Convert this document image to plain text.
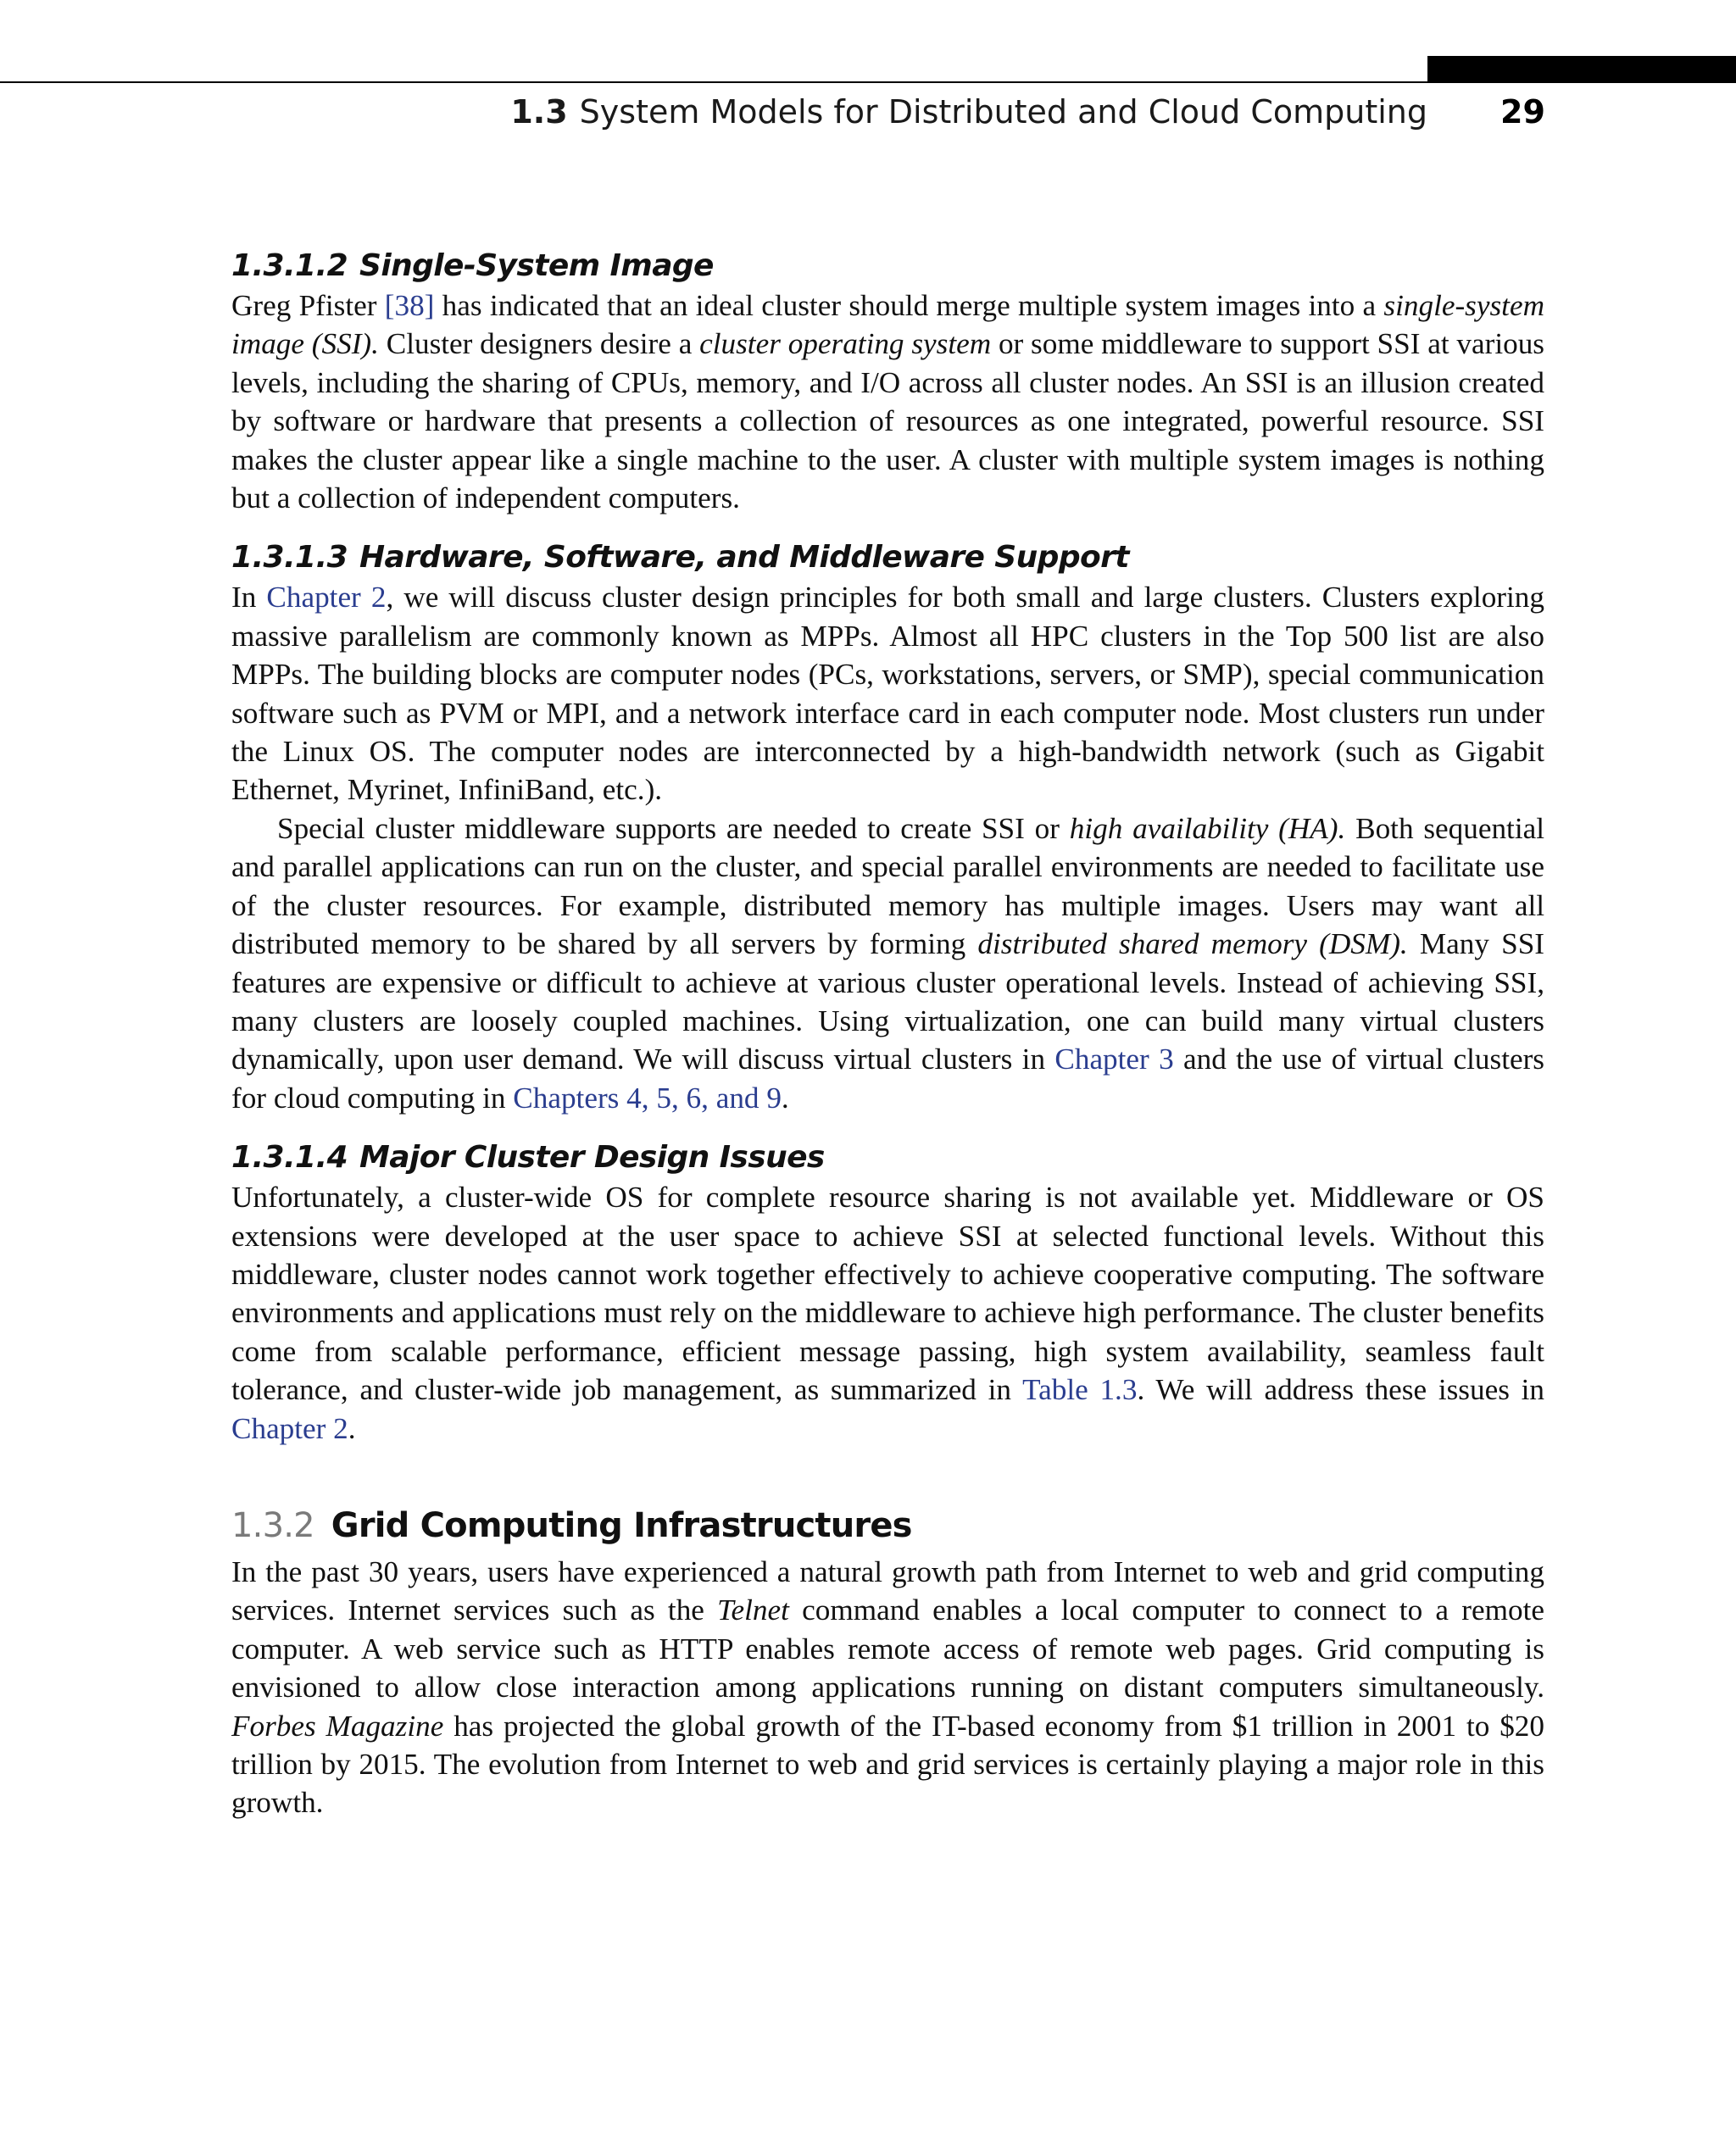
1.3 System Models for Distributed and Cloud Computing 29
1.3.1.2 Single-System Image

Greg Pfister [38] has indicated that an ideal cluster should merge multiple system images into a single-system image (SSI). Cluster designers desire a cluster operating system or some middleware to support SSI at various levels, including the sharing of CPUs, memory, and I/O across all cluster nodes. An SSI is an illusion created by software or hardware that presents a collection of resources as one integrated, powerful resource. SSI makes the cluster appear like a single machine to the user. A cluster with multiple system images is nothing but a collection of independent computers.

1.3.1.3 Hardware, Software, and Middleware Support

In Chapter 2, we will discuss cluster design principles for both small and large clusters. Clusters exploring massive parallelism are commonly known as MPPs. Almost all HPC clusters in the Top 500 list are also MPPs. The building blocks are computer nodes (PCs, workstations, servers, or SMP), special communication software such as PVM or MPI, and a network interface card in each computer node. Most clusters run under the Linux OS. The computer nodes are interconnected by a high-bandwidth network (such as Gigabit Ethernet, Myrinet, InfiniBand, etc.).

Special cluster middleware supports are needed to create SSI or high availability (HA). Both sequential and parallel applications can run on the cluster, and special parallel environments are needed to facilitate use of the cluster resources. For example, distributed memory has multiple images. Users may want all distributed memory to be shared by all servers by forming distributed shared memory (DSM). Many SSI features are expensive or difficult to achieve at various cluster operational levels. Instead of achieving SSI, many clusters are loosely coupled machines. Using virtualization, one can build many virtual clusters dynamically, upon user demand. We will discuss virtual clusters in Chapter 3 and the use of virtual clusters for cloud computing in Chapters 4, 5, 6, and 9.

1.3.1.4 Major Cluster Design Issues

Unfortunately, a cluster-wide OS for complete resource sharing is not available yet. Middleware or OS extensions were developed at the user space to achieve SSI at selected functional levels. Without this middleware, cluster nodes cannot work together effectively to achieve cooperative computing. The software environments and applications must rely on the middleware to achieve high performance. The cluster benefits come from scalable performance, efficient message passing, high system availability, seamless fault tolerance, and cluster-wide job management, as summarized in Table 1.3. We will address these issues in Chapter 2.

1.3.2 Grid Computing Infrastructures

In the past 30 years, users have experienced a natural growth path from Internet to web and grid computing services. Internet services such as the Telnet command enables a local computer to connect to a remote computer. A web service such as HTTP enables remote access of remote web pages. Grid computing is envisioned to allow close interaction among applications running on distant computers simultaneously. Forbes Magazine has projected the global growth of the IT-based economy from $1 trillion in 2001 to $20 trillion by 2015. The evolution from Internet to web and grid services is certainly playing a major role in this growth.
